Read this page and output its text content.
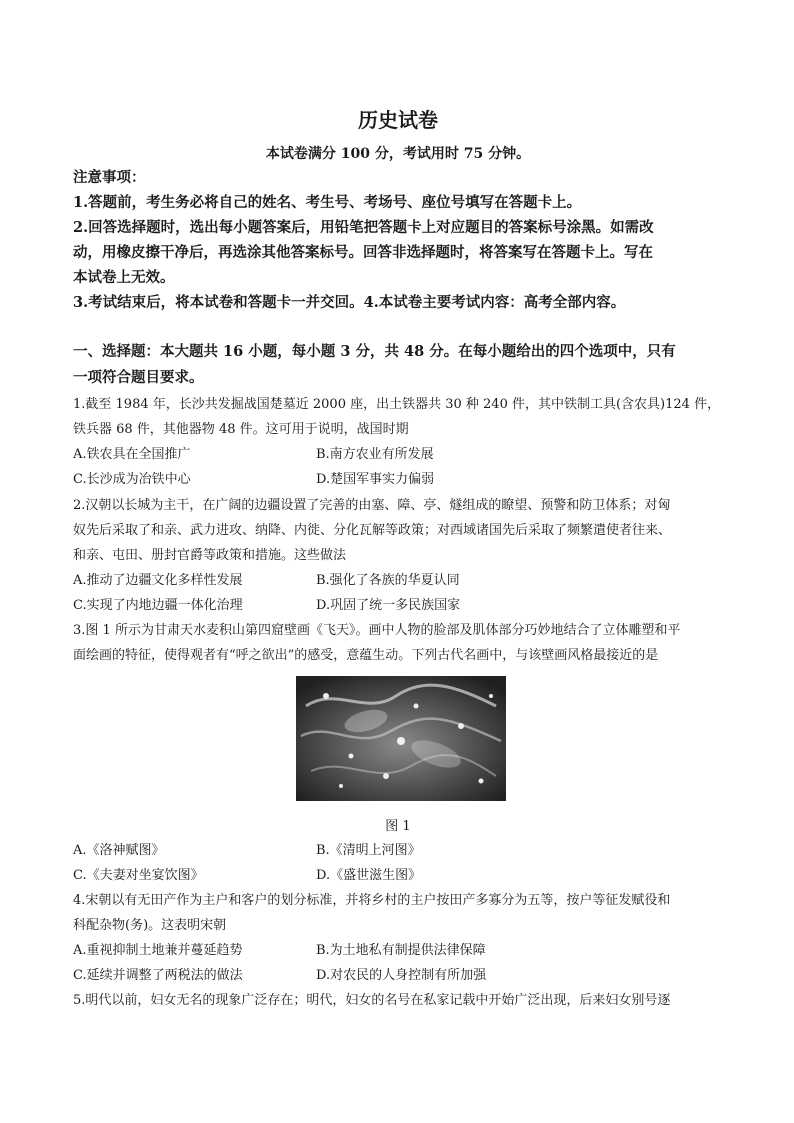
历史试卷
本试卷满分 100 分，考试用时 75 分钟。
注意事项：
1.答题前，考生务必将自己的姓名、考生号、考场号、座位号填写在答题卡上。
2.回答选择题时，选出每小题答案后，用铅笔把答题卡上对应题目的答案标号涂黑。如需改
动，用橡皮擦干净后，再选涂其他答案标号。回答非选择题时，将答案写在答题卡上。写在
本试卷上无效。
3.考试结束后，将本试卷和答题卡一并交回。4.本试卷主要考试内容：高考全部内容。
一、选择题：本大题共 16 小题，每小题 3 分，共 48 分。在每小题给出的四个选项中，只有
一项符合题目要求。
1.截至 1984 年，长沙共发掘战国楚墓近 2000 座，出土铁器共 30 种 240 件，其中铁制工具(含农具)124 件，
铁兵器 68 件，其他器物 48 件。这可用于说明，战国时期
A.铁农具在全国推广	B.南方农业有所发展
C.长沙成为冶铁中心	D.楚国军事实力偏弱
2.汉朝以长城为主干，在广阔的边疆设置了完善的由塞、障、亭、燧组成的瞭望、预警和防卫体系；对匈
奴先后采取了和亲、武力进攻、纳降、内徙、分化瓦解等政策；对西域诸国先后采取了频繁遣使者往来、
和亲、屯田、册封官爵等政策和措施。这些做法
A.推动了边疆文化多样性发展	B.强化了各族的华夏认同
C.实现了内地边疆一体化治理	D.巩固了统一多民族国家
3.图 1 所示为甘肃天水麦积山第四窟壁画《飞天》。画中人物的脸部及肌体部分巧妙地结合了立体雕塑和平
面绘画的特征，使得观者有“呼之欲出”的感受，意蕴生动。下列古代名画中，与该壁画风格最接近的是
图 1
A.《洛神赋图》	B.《清明上河图》
C.《夫妻对坐宴饮图》	D.《盛世滋生图》
4.宋朝以有无田产作为主户和客户的划分标准，并将乡村的主户按田产多寡分为五等，按户等征发赋役和
科配杂物(务)。这表明宋朝
A.重视抑制土地兼并蔓延趋势	B.为土地私有制提供法律保障
C.延续并调整了两税法的做法	D.对农民的人身控制有所加强
5.明代以前，妇女无名的现象广泛存在；明代，妇女的名号在私家记载中开始广泛出现，后来妇女别号逐
